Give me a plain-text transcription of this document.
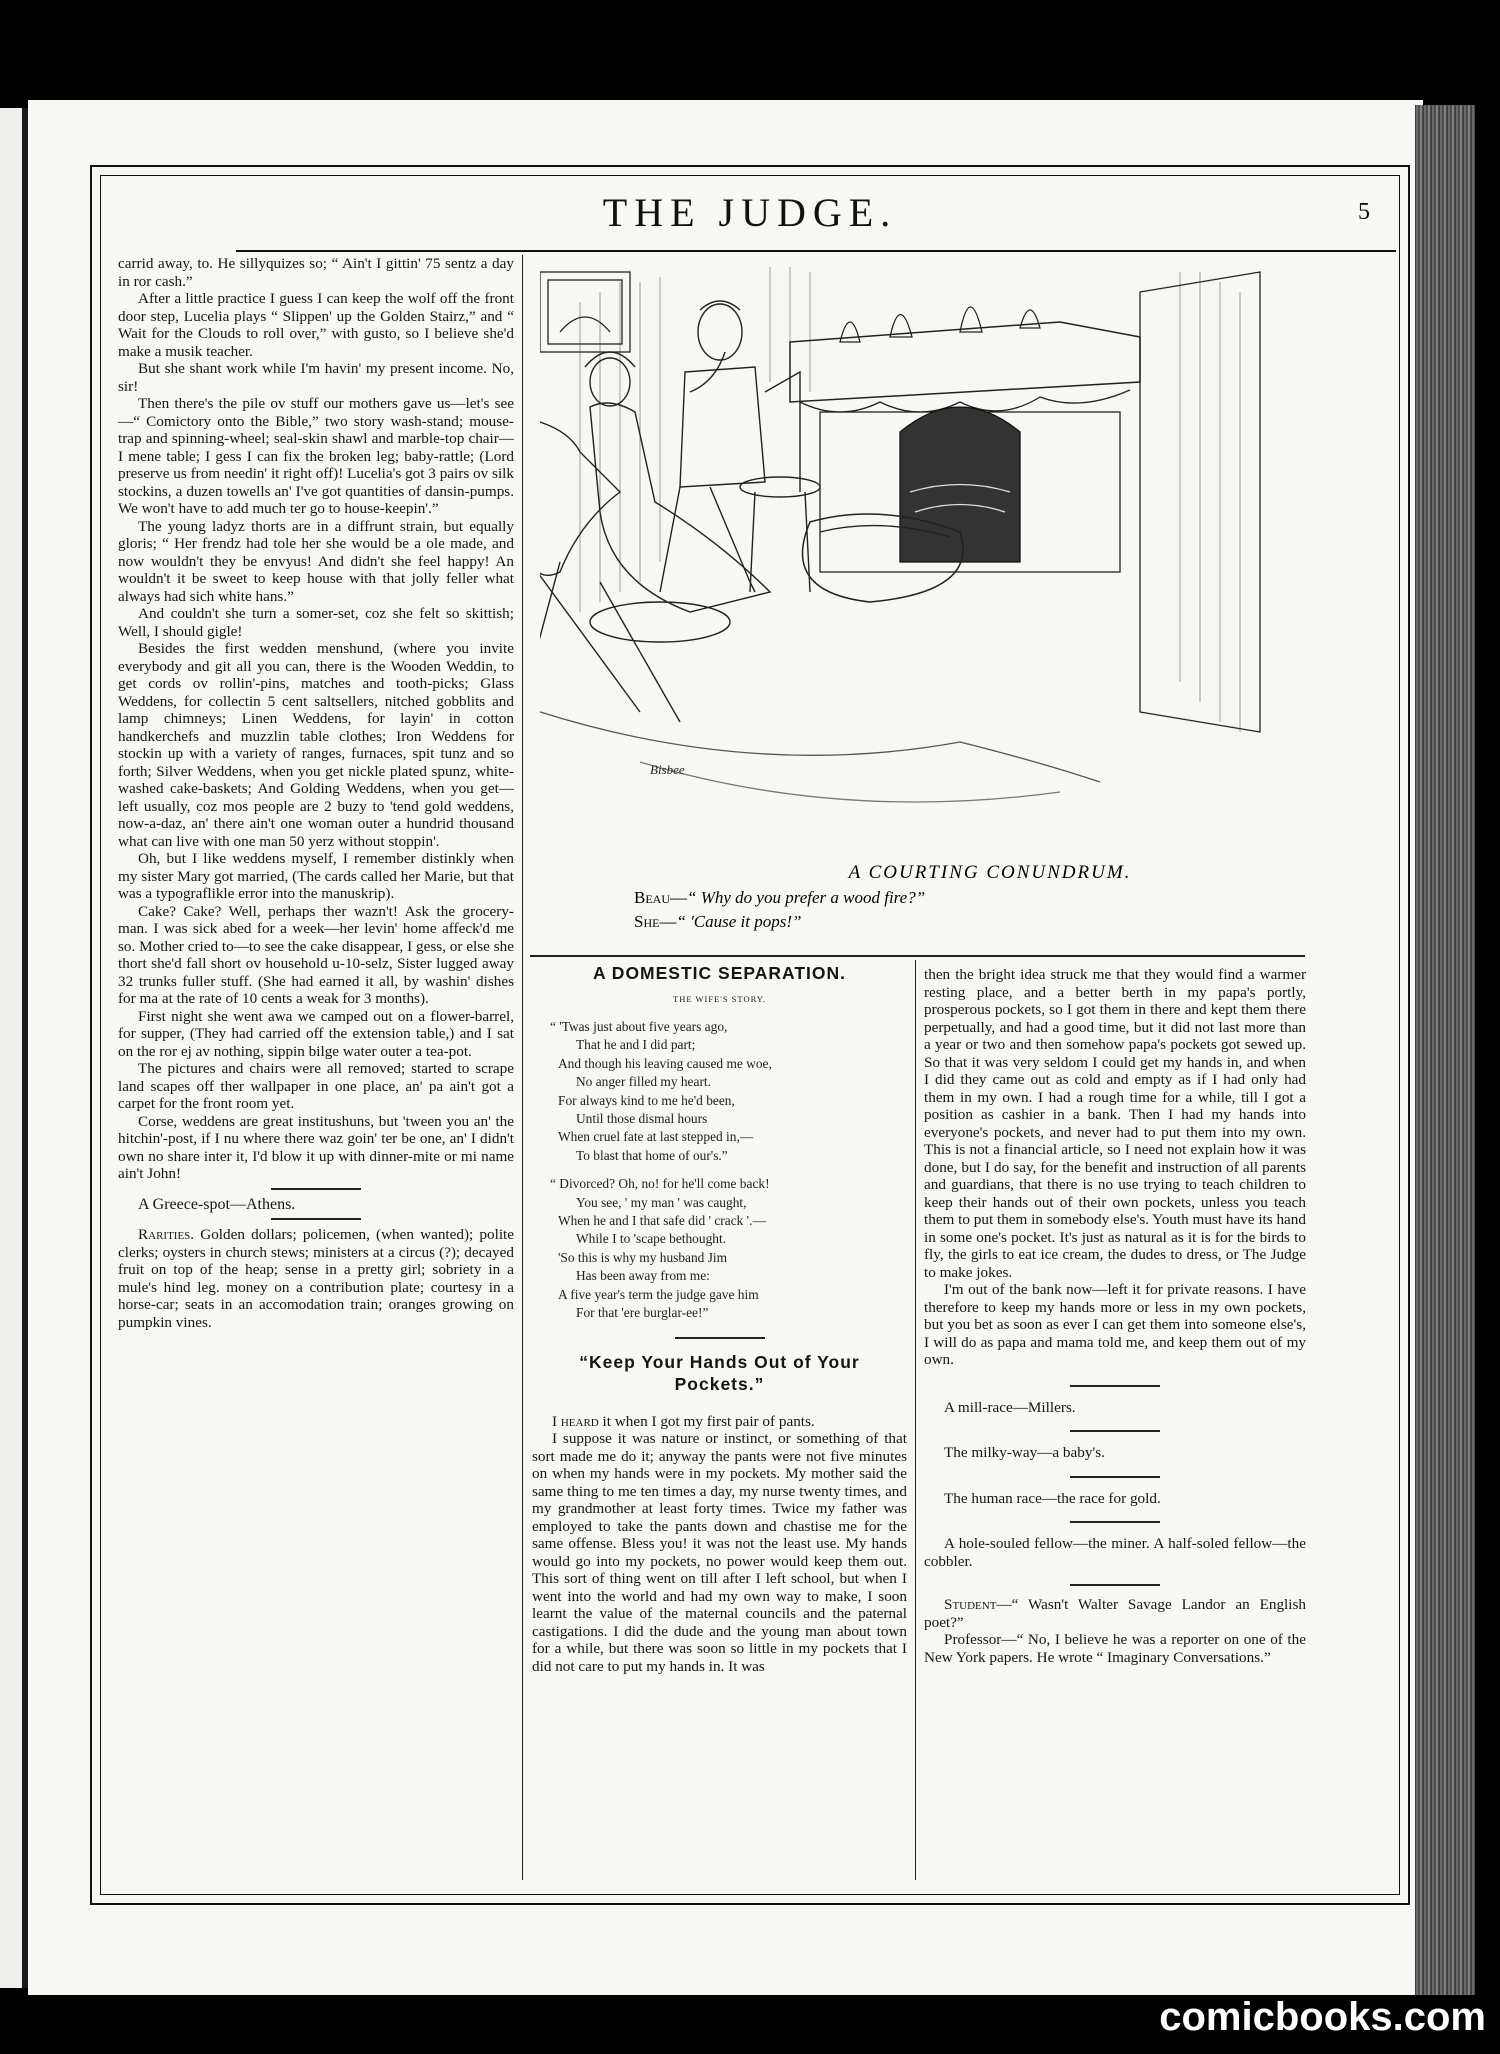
THE JUDGE.	5

carrid away, to. He sillyquizes so; “ Ain't I gittin' 75 sentz a day in ror cash.”

After a little practice I guess I can keep the wolf off the front door step, Lucelia plays “ Slippen' up the Golden Stairz,” and “ Wait for the Clouds to roll over,” with gusto, so I believe she'd make a musik teacher.

But she shant work while I'm havin' my present income. No, sir!

Then there's the pile ov stuff our mothers gave us—let's see—“ Comictory onto the Bible,” two story wash-stand; mouse-trap and spinning-wheel; seal-skin shawl and marble-top chair—I mene table; I gess I can fix the broken leg; baby-rattle; (Lord preserve us from needin' it right off)! Lucelia's got 3 pairs ov silk stockins, a duzen towells an' I've got quantities of dansin-pumps. We won't have to add much ter go to house-keepin'.”

The young ladyz thorts are in a diffrunt strain, but equally gloris; “ Her frendz had tole her she would be a ole made, and now wouldn't they be envyus! And didn't she feel happy! An wouldn't it be sweet to keep house with that jolly feller what always had sich white hans.”

And couldn't she turn a somer-set, coz she felt so skittish; Well, I should gigle!

Besides the first wedden menshund, (where you invite everybody and git all you can, there is the Wooden Weddin, to get cords ov rollin'-pins, matches and tooth-picks; Glass Weddens, for collectin 5 cent saltsellers, nitched gobblits and lamp chimneys; Linen Weddens, for layin' in cotton handkerchefs and muzzlin table clothes; Iron Weddens for stockin up with a variety of ranges, furnaces, spit tunz and so forth; Silver Weddens, when you get nickle plated spunz, white-washed cake-baskets; And Golding Weddens, when you get—left usually, coz mos people are 2 buzy to 'tend gold weddens, now-a-daz, an' there ain't one woman outer a hundrid thousand what can live with one man 50 yerz without stoppin'.

Oh, but I like weddens myself, I remember distinkly when my sister Mary got married, (The cards called her Marie, but that was a typograflikle error into the manuskrip).

Cake? Cake? Well, perhaps ther wazn't! Ask the grocery-man. I was sick abed for a week—her levin' home affeck'd me so. Mother cried to—to see the cake disappear, I gess, or else she thort she'd fall short ov household u-10-selz, Sister lugged away 32 trunks fuller stuff. (She had earned it all, by washin' dishes for ma at the rate of 10 cents a weak for 3 months).

First night she went awa we camped out on a flower-barrel, for supper, (They had carried off the extension table,) and I sat on the ror ej av nothing, sippin bilge water outer a tea-pot.

The pictures and chairs were all removed; started to scrape land scapes off ther wallpaper in one place, an' pa ain't got a carpet for the front room yet.

Corse, weddens are great institushuns, but 'tween you an' the hitchin'-post, if I nu where there waz goin' ter be one, an' I didn't own no share inter it, I'd blow it up with dinner-mite or mi name ain't John!

A Greece-spot—Athens.

Rarities. Golden dollars; policemen, (when wanted); polite clerks; oysters in church stews; ministers at a circus (?); decayed fruit on top of the heap; sense in a pretty girl; sobriety in a mule's hind leg. money on a contribution plate; courtesy in a horse-car; seats in an accomodation train; oranges growing on pumpkin vines.

Bisbee
A COURTING CONUNDRUM.
Beau—“ Why do you prefer a wood fire?”
She—“ 'Cause it pops!”
A DOMESTIC SEPARATION.
THE WIFE'S STORY.
“ 'Twas just about five years ago,
That he and I did part;
And though his leaving caused me woe,
No anger filled my heart.
For always kind to me he'd been,
Until those dismal hours
When cruel fate at last stepped in,—
To blast that home of our's.”
“ Divorced? Oh, no! for he'll come back!
You see, ' my man ' was caught,
When he and I that safe did ' crack '.—
While I to 'scape bethought.
'So this is why my husband Jim
Has been away from me:
A five year's term the judge gave him
For that 'ere burglar-ee!”
“Keep Your Hands Out of Your Pockets.”

I heard it when I got my first pair of pants.

I suppose it was nature or instinct, or something of that sort made me do it; anyway the pants were not five minutes on when my hands were in my pockets. My mother said the same thing to me ten times a day, my nurse twenty times, and my grandmother at least forty times. Twice my father was employed to take the pants down and chastise me for the same offense. Bless you! it was not the least use. My hands would go into my pockets, no power would keep them out. This sort of thing went on till after I left school, but when I went into the world and had my own way to make, I soon learnt the value of the maternal councils and the paternal castigations. I did the dude and the young man about town for a while, but there was soon so little in my pockets that I did not care to put my hands in. It was

then the bright idea struck me that they would find a warmer resting place, and a better berth in my papa's portly, prosperous pockets, so I got them in there and kept them there perpetually, and had a good time, but it did not last more than a year or two and then somehow papa's pockets got sewed up. So that it was very seldom I could get my hands in, and when I did they came out as cold and empty as if I had only had them in my own. I had a rough time for a while, till I got a position as cashier in a bank. Then I had my hands into everyone's pockets, and never had to put them into my own. This is not a financial article, so I need not explain how it was done, but I do say, for the benefit and instruction of all parents and guardians, that there is no use trying to teach children to keep their hands out of their own pockets, unless you teach them to put them in somebody else's. Youth must have its hand in some one's pocket. It's just as natural as it is for the birds to fly, the girls to eat ice cream, the dudes to dress, or The Judge to make jokes.

I'm out of the bank now—left it for private reasons. I have therefore to keep my hands more or less in my own pockets, but you bet as soon as ever I can get them into someone else's, I will do as papa and mama told me, and keep them out of my own.

A mill-race—Millers.

The milky-way—a baby's.

The human race—the race for gold.

A hole-souled fellow—the miner. A half-soled fellow—the cobbler.

Student—“ Wasn't Walter Savage Landor an English poet?”

Professor—“ No, I believe he was a reporter on one of the New York papers. He wrote “ Imaginary Conversations.”

comicbooks.com
